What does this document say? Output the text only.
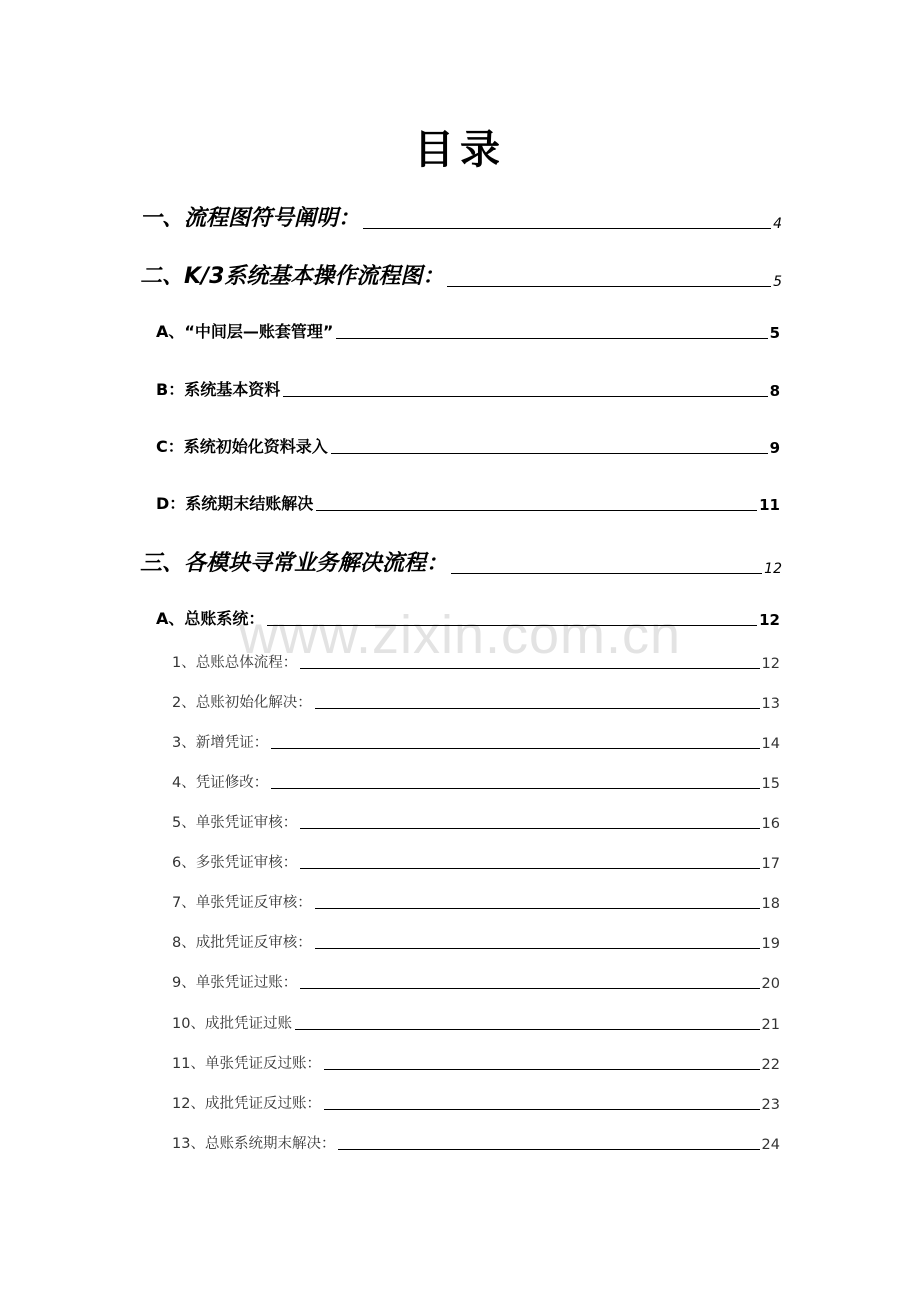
目录
www.zixin.com.cn
一、流程图符号阐明：	4
二、K/3系统基本操作流程图：	5
A、“中间层—账套管理”	5
B：系统基本资料	8
C：系统初始化资料录入	9
D：系统期末结账解决	11
三、各模块寻常业务解决流程：	12
A、总账系统：	12
1、总账总体流程：	12
2、总账初始化解决：	13
3、新增凭证：	14
4、凭证修改：	15
5、单张凭证审核：	16
6、多张凭证审核：	17
7、单张凭证反审核：	18
8、成批凭证反审核：	19
9、单张凭证过账：	20
10、成批凭证过账	21
11、单张凭证反过账：	22
12、成批凭证反过账：	23
13、总账系统期末解决：	24
